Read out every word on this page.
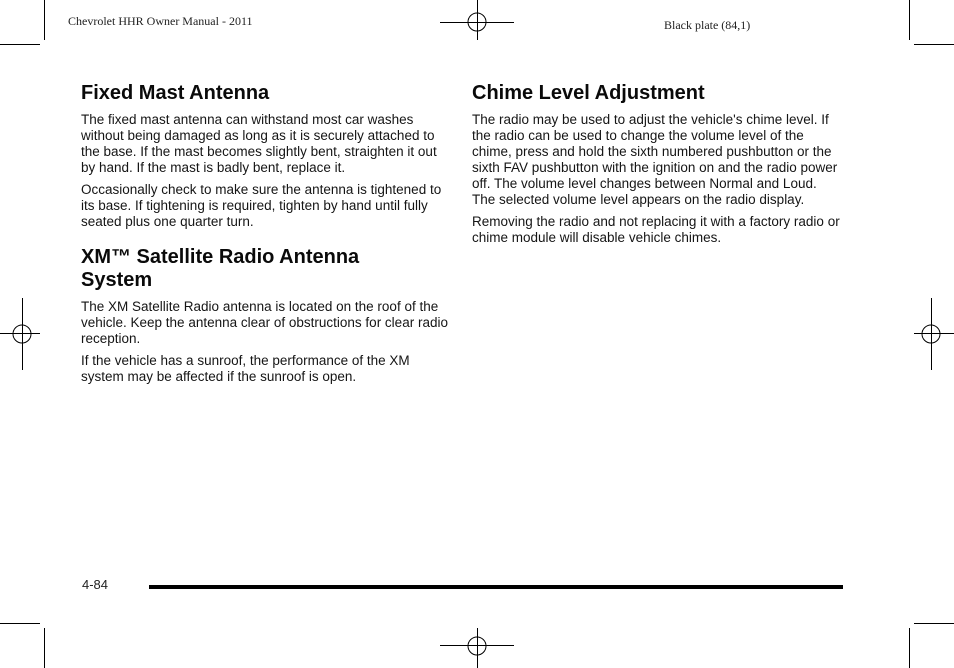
Chevrolet HHR Owner Manual - 2011	Black plate (84,1)
Fixed Mast Antenna

The fixed mast antenna can withstand most car washes without being damaged as long as it is securely attached to the base. If the mast becomes slightly bent, straighten it out by hand. If the mast is badly bent, replace it.

Occasionally check to make sure the antenna is tightened to its base. If tightening is required, tighten by hand until fully seated plus one quarter turn.

XM™ Satellite Radio Antenna System

The XM Satellite Radio antenna is located on the roof of the vehicle. Keep the antenna clear of obstructions for clear radio reception.

If the vehicle has a sunroof, the performance of the XM system may be affected if the sunroof is open.

Chime Level Adjustment

The radio may be used to adjust the vehicle's chime level. If the radio can be used to change the volume level of the chime, press and hold the sixth numbered pushbutton or the sixth FAV pushbutton with the ignition on and the radio power off. The volume level changes between Normal and Loud. The selected volume level appears on the radio display.

Removing the radio and not replacing it with a factory radio or chime module will disable vehicle chimes.

4-84
